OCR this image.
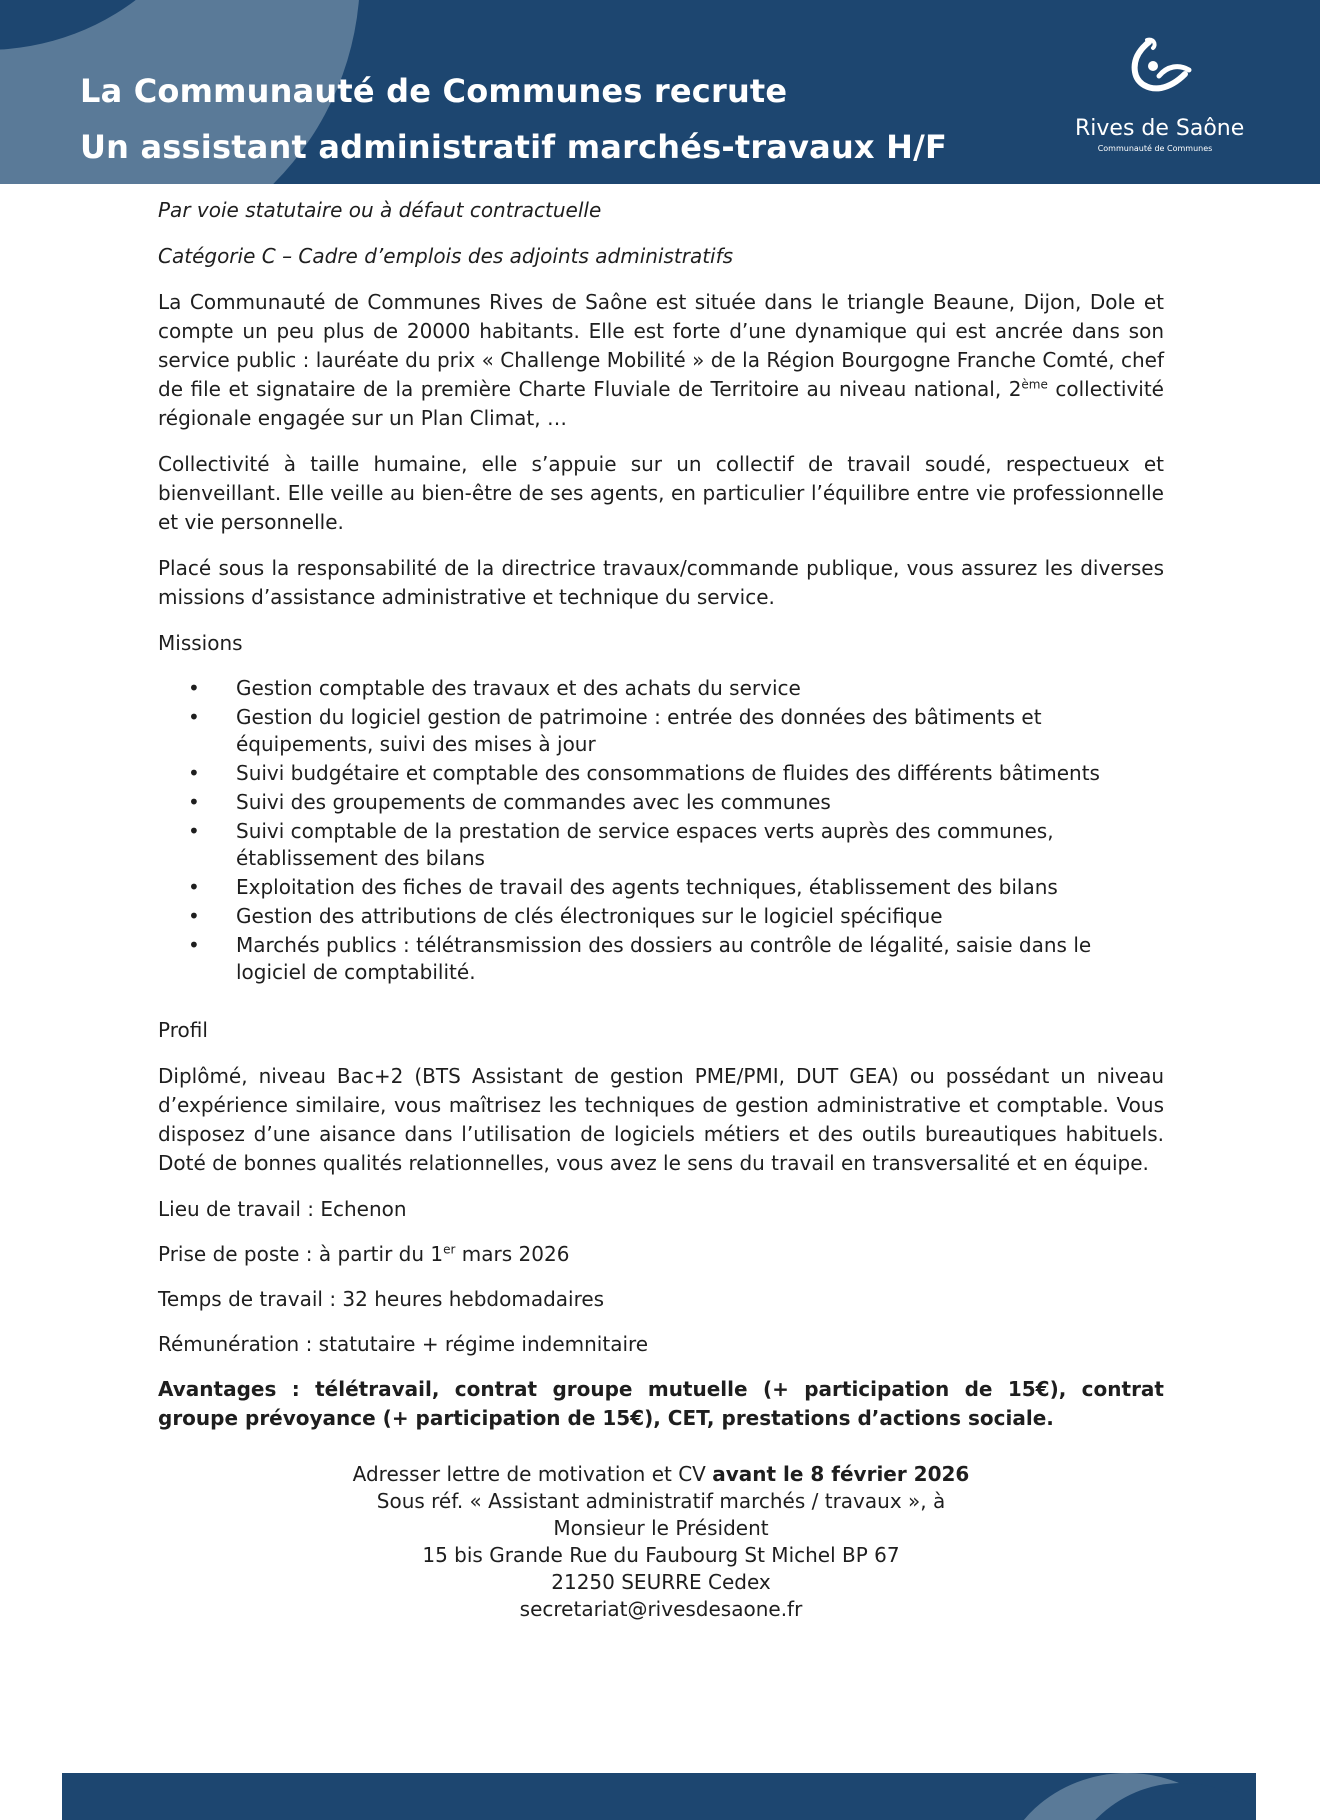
La Communauté de Communes recrute
Un assistant administratif marchés-travaux H/F	Rives de Saône
Communauté de Communes

Par voie statutaire ou à défaut contractuelle

Catégorie C – Cadre d’emplois des adjoints administratifs

La Communauté de Communes Rives de Saône est située dans le triangle Beaune, Dijon, Dole et compte un peu plus de 20000 habitants. Elle est forte d’une dynamique qui est ancrée dans son service public : lauréate du prix « Challenge Mobilité » de la Région Bourgogne Franche Comté, chef de file et signataire de la première Charte Fluviale de Territoire au niveau national, 2ème collectivité régionale engagée sur un Plan Climat, …

Collectivité à taille humaine, elle s’appuie sur un collectif de travail soudé, respectueux et bienveillant. Elle veille au bien-être de ses agents, en particulier l’équilibre entre vie professionnelle et vie personnelle.

Placé sous la responsabilité de la directrice travaux/commande publique, vous assurez les diverses missions d’assistance administrative et technique du service.

Missions
• Gestion comptable des travaux et des achats du service
• Gestion du logiciel gestion de patrimoine : entrée des données des bâtiments et équipements, suivi des mises à jour
• Suivi budgétaire et comptable des consommations de fluides des différents bâtiments
• Suivi des groupements de commandes avec les communes
• Suivi comptable de la prestation de service espaces verts auprès des communes, établissement des bilans
• Exploitation des fiches de travail des agents techniques, établissement des bilans
• Gestion des attributions de clés électroniques sur le logiciel spécifique
• Marchés publics : télétransmission des dossiers au contrôle de légalité, saisie dans le logiciel de comptabilité.
Profil

Diplômé, niveau Bac+2 (BTS Assistant de gestion PME/PMI, DUT GEA) ou possédant un niveau d’expérience similaire, vous maîtrisez les techniques de gestion administrative et comptable. Vous disposez d’une aisance dans l’utilisation de logiciels métiers et des outils bureautiques habituels. Doté de bonnes qualités relationnelles, vous avez le sens du travail en transversalité et en équipe.

Lieu de travail : Echenon
Prise de poste : à partir du 1er mars 2026
Temps de travail : 32 heures hebdomadaires
Rémunération : statutaire + régime indemnitaire

Avantages : télétravail, contrat groupe mutuelle (+ participation de 15€), contrat groupe prévoyance (+ participation de 15€), CET, prestations d’actions sociale.

Adresser lettre de motivation et CV avant le 8 février 2026
Sous réf. « Assistant administratif marchés / travaux », à
Monsieur le Président
15 bis Grande Rue du Faubourg St Michel BP 67
21250 SEURRE Cedex
secretariat@rivesdesaone.fr
